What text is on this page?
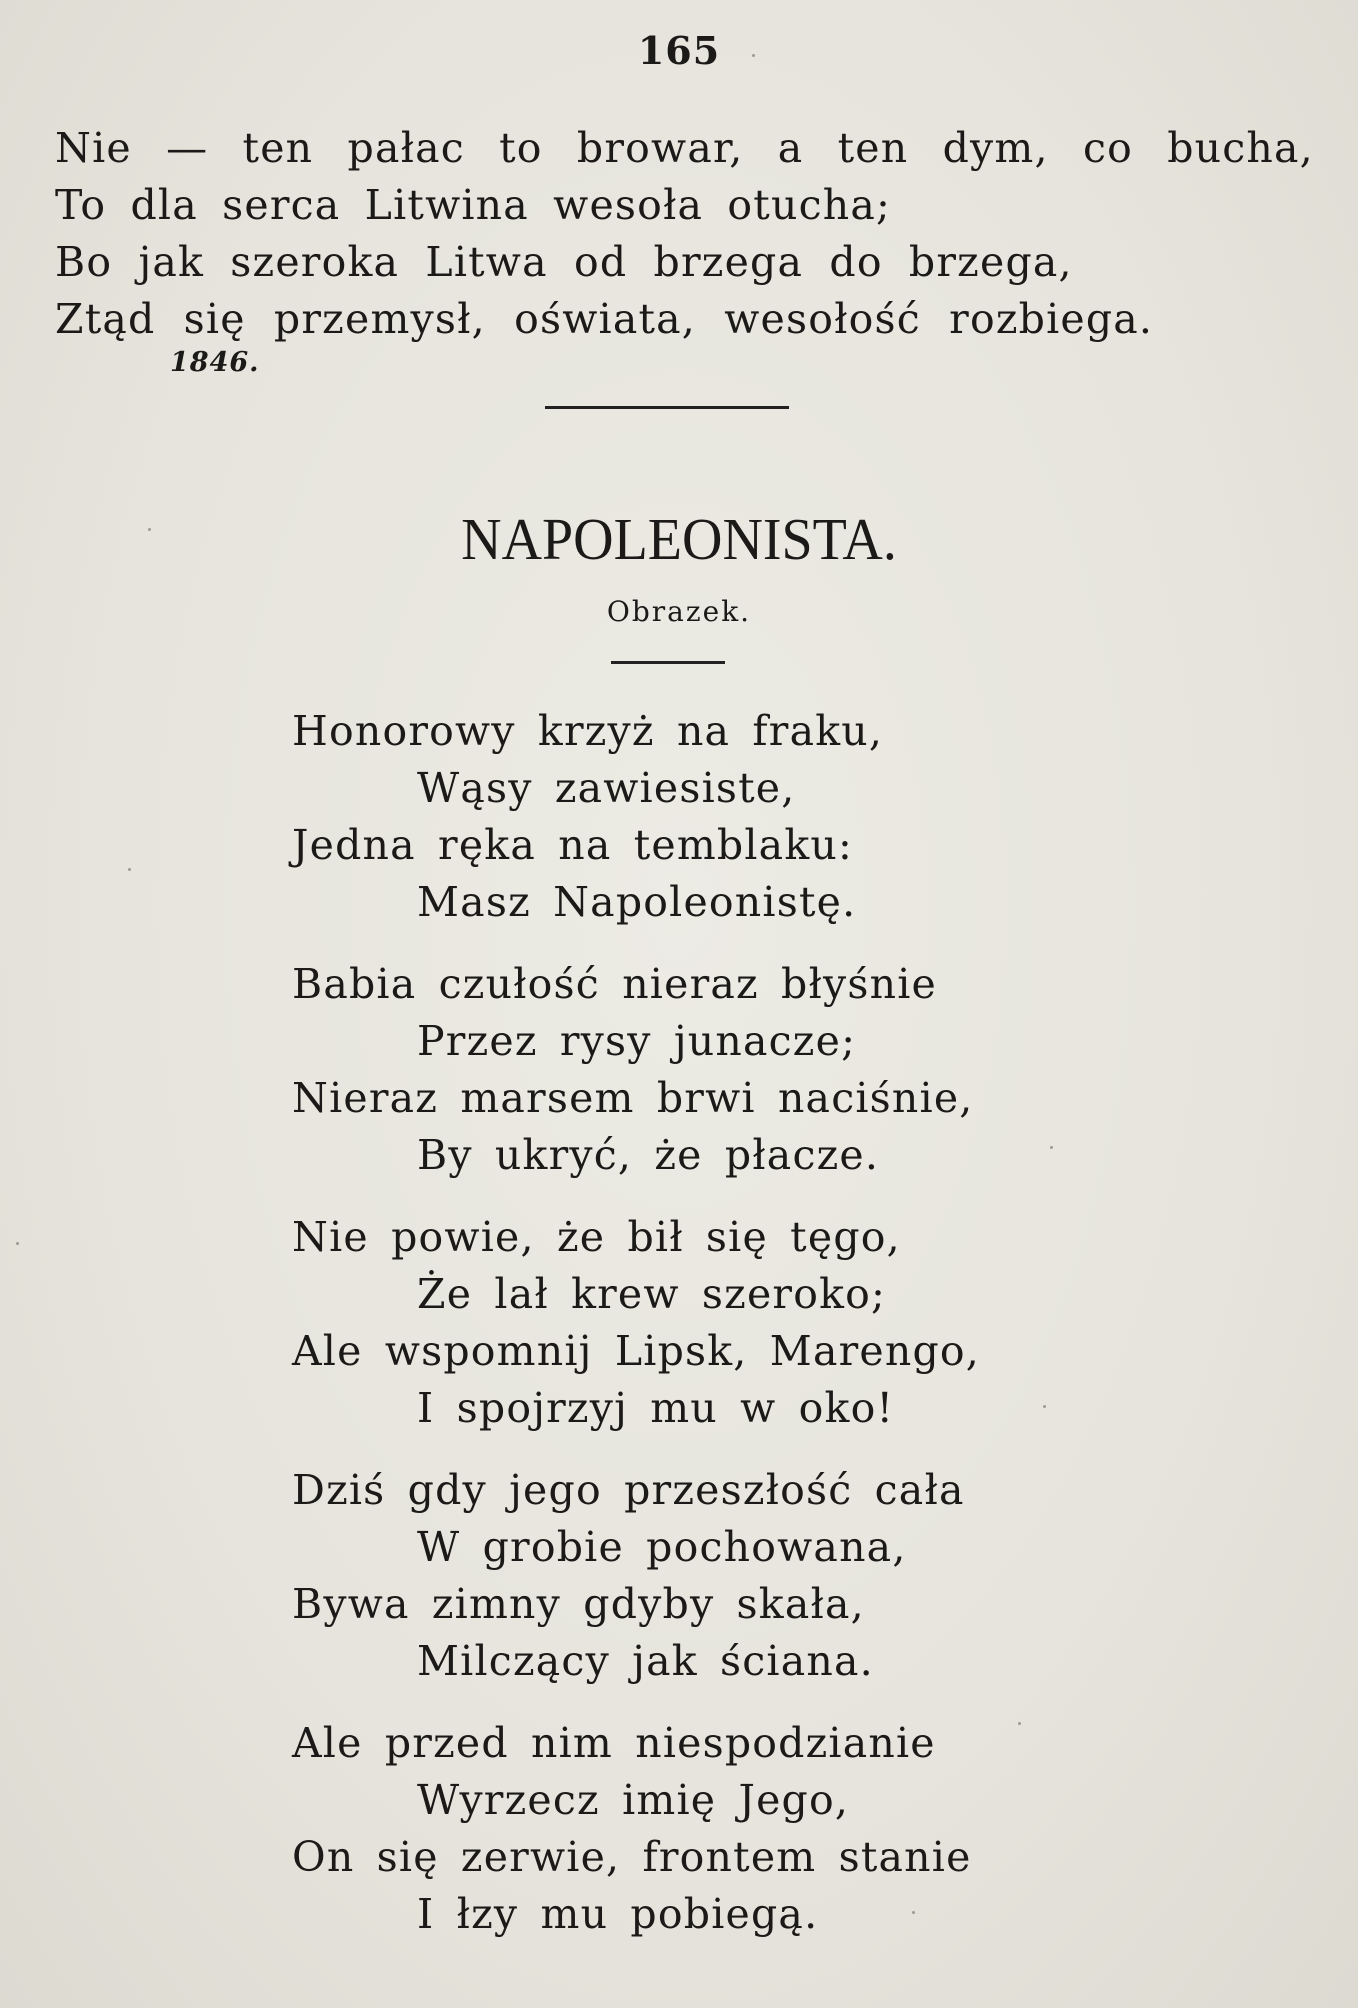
165
Nie — ten pałac to browar, a ten dym, co bucha,
To dla serca Litwina wesoła otucha;
Bo jak szeroka Litwa od brzega do brzega,
Ztąd się przemysł, oświata, wesołość rozbiega.
1846.
NAPOLEONISTA.
Obrazek.
Honorowy krzyż na fraku,
Wąsy zawiesiste,
Jedna ręka na temblaku:
Masz Napoleonistę.
Babia czułość nieraz błyśnie
Przez rysy junacze;
Nieraz marsem brwi naciśnie,
By ukryć, że płacze.
Nie powie, że bił się tęgo,
Że lał krew szeroko;
Ale wspomnij Lipsk, Marengo,
I spojrzyj mu w oko!
Dziś gdy jego przeszłość cała
W grobie pochowana,
Bywa zimny gdyby skała,
Milczący jak ściana.
Ale przed nim niespodzianie
Wyrzecz imię Jego,
On się zerwie, frontem stanie
I łzy mu pobiegą.
